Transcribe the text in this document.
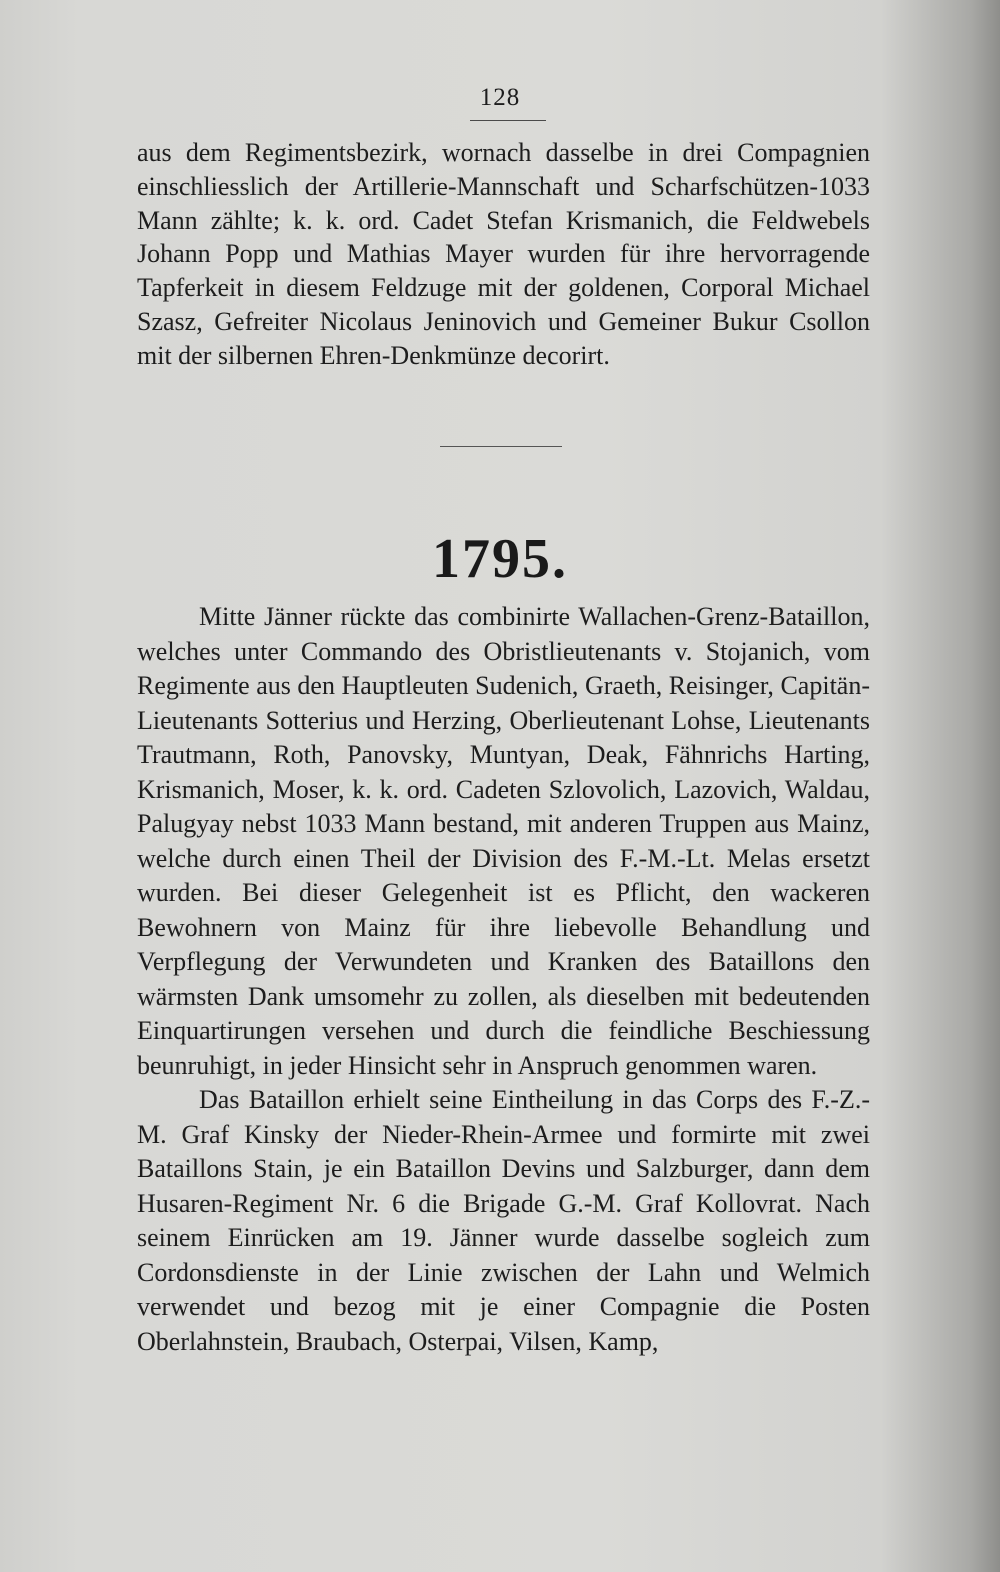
128

aus dem Regimentsbezirk, wornach dasselbe in drei Compagnien einschliesslich der Artillerie-Mannschaft und Scharfschützen-1033 Mann zählte; k. k. ord. Cadet Stefan Krismanich, die Feldwebels Johann Popp und Mathias Mayer wurden für ihre hervorragende Tapferkeit in diesem Feldzuge mit der goldenen, Corporal Michael Szasz, Gefreiter Nicolaus Jeninovich und Gemeiner Bukur Csollon mit der silbernen Ehren-Denkmünze decorirt.

1795.

Mitte Jänner rückte das combinirte Wallachen-Grenz-Bataillon, welches unter Commando des Obristlieutenants v. Stojanich, vom Regimente aus den Hauptleuten Sudenich, Graeth, Reisinger, Capitän-Lieutenants Sotterius und Herzing, Oberlieutenant Lohse, Lieutenants Trautmann, Roth, Panovsky, Muntyan, Deak, Fähnrichs Harting, Krismanich, Moser, k. k. ord. Cadeten Szlovolich, Lazovich, Waldau, Palugyay nebst 1033 Mann bestand, mit anderen Truppen aus Mainz, welche durch einen Theil der Division des F.-M.-Lt. Melas ersetzt wurden. Bei dieser Gelegenheit ist es Pflicht, den wackeren Bewohnern von Mainz für ihre liebevolle Behandlung und Verpflegung der Verwundeten und Kranken des Bataillons den wärmsten Dank umsomehr zu zollen, als dieselben mit bedeutenden Einquartirungen versehen und durch die feindliche Beschiessung beunruhigt, in jeder Hinsicht sehr in Anspruch genommen waren.

Das Bataillon erhielt seine Eintheilung in das Corps des F.-Z.-M. Graf Kinsky der Nieder-Rhein-Armee und formirte mit zwei Bataillons Stain, je ein Bataillon Devins und Salzburger, dann dem Husaren-Regiment Nr. 6 die Brigade G.-M. Graf Kollovrat. Nach seinem Einrücken am 19. Jänner wurde dasselbe sogleich zum Cordonsdienste in der Linie zwischen der Lahn und Welmich verwendet und bezog mit je einer Compagnie die Posten Oberlahnstein, Braubach, Osterpai, Vilsen, Kamp,
